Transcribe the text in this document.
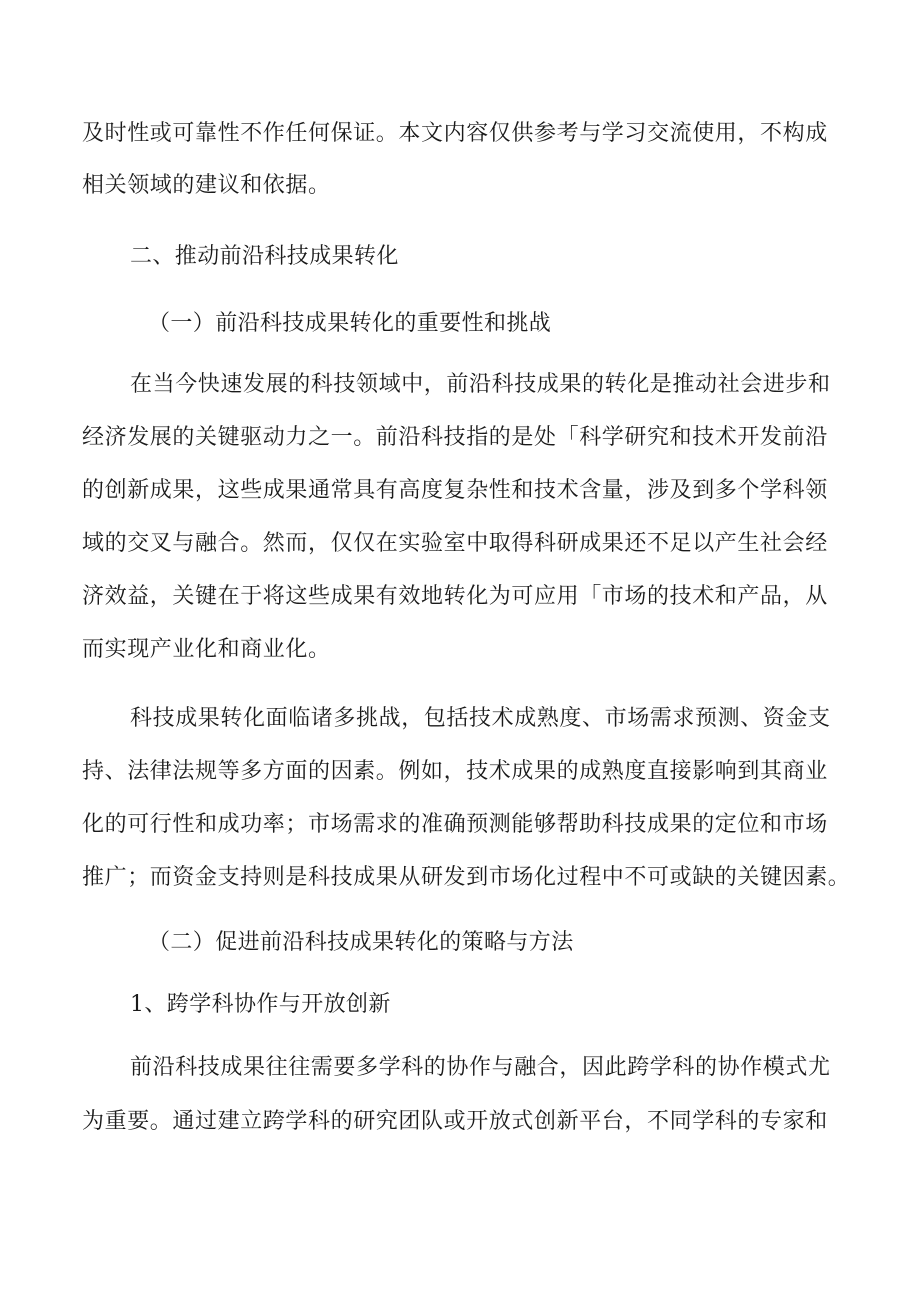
及时性或可靠性不作任何保证。本文内容仅供参考与学习交流使用，不构成
相关领域的建议和依据。
二、推动前沿科技成果转化
（一）前沿科技成果转化的重要性和挑战
在当今快速发展的科技领域中，前沿科技成果的转化是推动社会进步和
经济发展的关键驱动力之一。前沿科技指的是处「科学研究和技术开发前沿
的创新成果，这些成果通常具有高度复杂性和技术含量，涉及到多个学科领
域的交叉与融合。然而，仅仅在实验室中取得科研成果还不足以产生社会经
济效益，关键在于将这些成果有效地转化为可应用「市场的技术和产品，从
而实现产业化和商业化。
科技成果转化面临诸多挑战，包括技术成熟度、市场需求预测、资金支
持、法律法规等多方面的因素。例如，技术成果的成熟度直接影响到其商业
化的可行性和成功率；市场需求的准确预测能够帮助科技成果的定位和市场
推广；而资金支持则是科技成果从研发到市场化过程中不可或缺的关键因素。
（二）促进前沿科技成果转化的策略与方法
1、跨学科协作与开放创新
前沿科技成果往往需要多学科的协作与融合，因此跨学科的协作模式尤
为重要。通过建立跨学科的研究团队或开放式创新平台，不同学科的专家和
